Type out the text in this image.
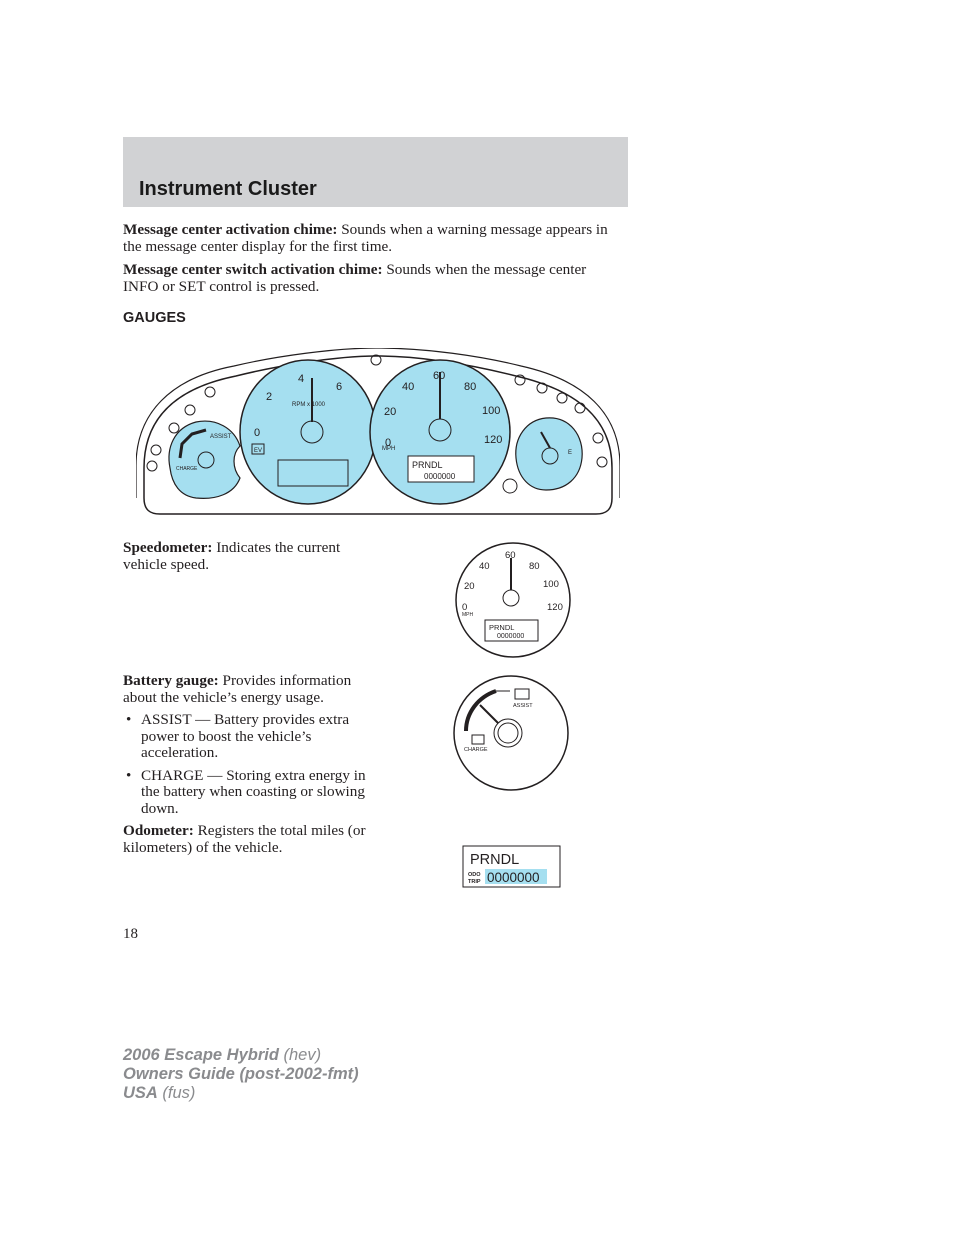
Instrument Cluster
Message center activation chime: Sounds when a warning message appears in the message center display for the first time.
Message center switch activation chime: Sounds when the message center INFO or SET control is pressed.
GAUGES
ASSIST
CHARGE
0
2
4
6
RPM x 1000
EV
0
20
40
60
80
100
120
MPH
PRNDL
0000000
E
Speedometer: Indicates the current vehicle speed.
0
20
40
60
80
100
120
MPH
PRNDL
0000000
Battery gauge: Provides information about the vehicle’s energy usage.
• ASSIST — Battery provides extra power to boost the vehicle’s acceleration.
• CHARGE — Storing extra energy in the battery when coasting or slowing down.
Odometer: Registers the total miles (or kilometers) of the vehicle.
ASSIST
CHARGE
PRNDL
ODO
TRIP 0000000
18
2006 Escape Hybrid (hev)
Owners Guide (post-2002-fmt)
USA (fus)
